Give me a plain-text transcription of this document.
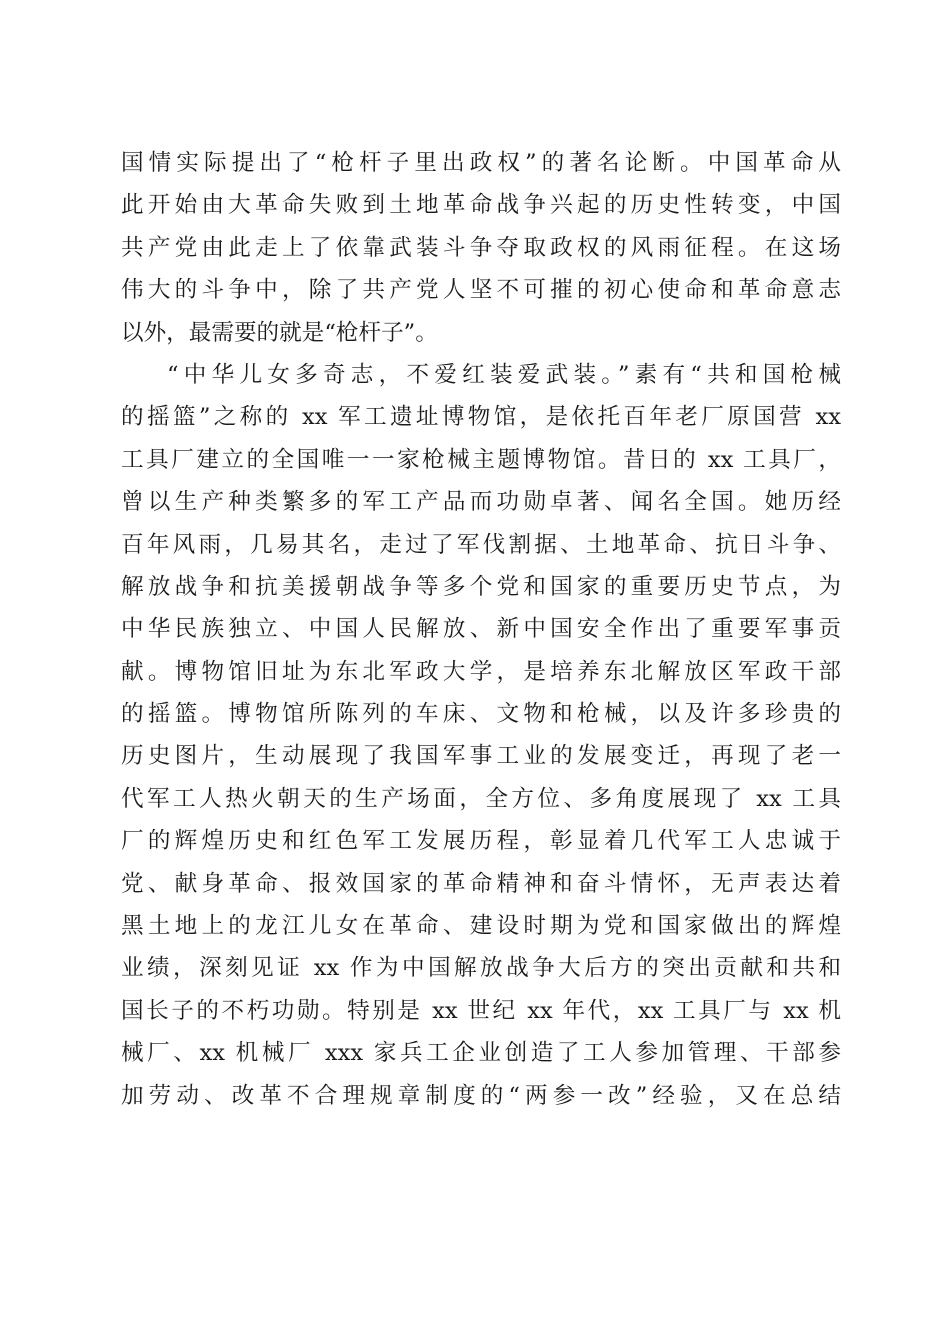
国情实际提出了“枪杆子里出政权”的著名论断。中国革命从
此开始由大革命失败到土地革命战争兴起的历史性转变，中国
共产党由此走上了依靠武装斗争夺取政权的风雨征程。在这场
伟大的斗争中，除了共产党人坚不可摧的初心使命和革命意志
以外，最需要的就是“枪杆子”。
“中华儿女多奇志，不爱红装爱武装。”素有“共和国枪械
的摇篮”之称的 xx 军工遗址博物馆，是依托百年老厂原国营 xx
工具厂建立的全国唯一一家枪械主题博物馆。昔日的 xx 工具厂，
曾以生产种类繁多的军工产品而功勋卓著、闻名全国。她历经
百年风雨，几易其名，走过了军伐割据、土地革命、抗日斗争、
解放战争和抗美援朝战争等多个党和国家的重要历史节点，为
中华民族独立、中国人民解放、新中国安全作出了重要军事贡
献。博物馆旧址为东北军政大学，是培养东北解放区军政干部
的摇篮。博物馆所陈列的车床、文物和枪械，以及许多珍贵的
历史图片，生动展现了我国军事工业的发展变迁，再现了老一
代军工人热火朝天的生产场面，全方位、多角度展现了 xx 工具
厂的辉煌历史和红色军工发展历程，彰显着几代军工人忠诚于
党、献身革命、报效国家的革命精神和奋斗情怀，无声表达着
黑土地上的龙江儿女在革命、建设时期为党和国家做出的辉煌
业绩，深刻见证 xx 作为中国解放战争大后方的突出贡献和共和
国长子的不朽功勋。特别是 xx 世纪 xx 年代，xx 工具厂与 xx 机
械厂、xx 机械厂 xxx 家兵工企业创造了工人参加管理、干部参
加劳动、改革不合理规章制度的“两参一改”经验，又在总结
